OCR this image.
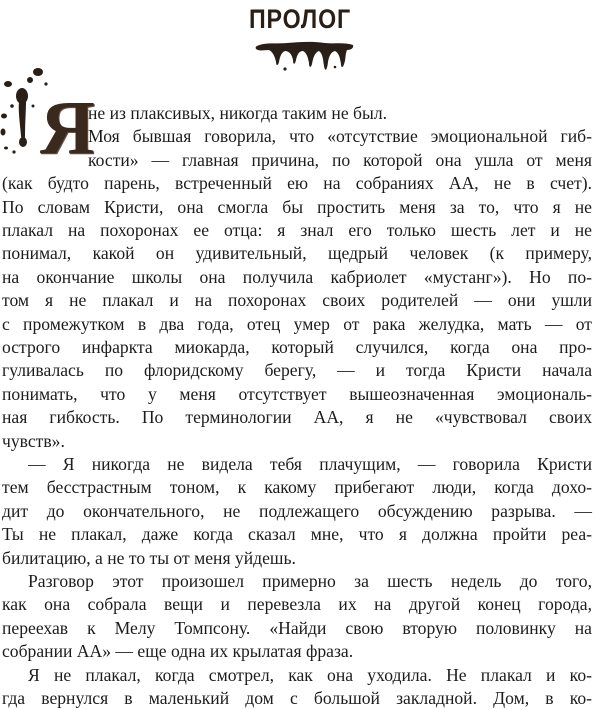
ПРОЛОГ
Я
не из плаксивых, никогда таким не был.
Моя бывшая говорила, что «отсутствие эмоциональной гиб-
кости» — главная причина, по которой она ушла от меня
(как будто парень, встреченный ею на собраниях АА, не в счет).
По словам Кристи, она смогла бы простить меня за то, что я не
плакал на похоронах ее отца: я знал его только шесть лет и не
понимал, какой он удивительный, щедрый человек (к примеру,
на окончание школы она получила кабриолет «мустанг»). Но по-
том я не плакал и на похоронах своих родителей — они ушли
с промежутком в два года, отец умер от рака желудка, мать — от
острого инфаркта миокарда, который случился, когда она про-
гуливалась по флоридскому берегу, — и тогда Кристи начала
понимать, что у меня отсутствует вышеозначенная эмоциональ-
ная гибкость. По терминологии АА, я не «чувствовал своих
чувств».
— Я никогда не видела тебя плачущим, — говорила Кристи
тем бесстрастным тоном, к какому прибегают люди, когда дохо-
дит до окончательного, не подлежащего обсуждению разрыва. —
Ты не плакал, даже когда сказал мне, что я должна пройти реа-
билитацию, а не то ты от меня уйдешь.
Разговор этот произошел примерно за шесть недель до того,
как она собрала вещи и перевезла их на другой конец города,
переехав к Мелу Томпсону. «Найди свою вторую половинку на
собрании АА» — еще одна их крылатая фраза.
Я не плакал, когда смотрел, как она уходила. Не плакал и ко-
гда вернулся в маленький дом с большой закладной. Дом, в ко-
